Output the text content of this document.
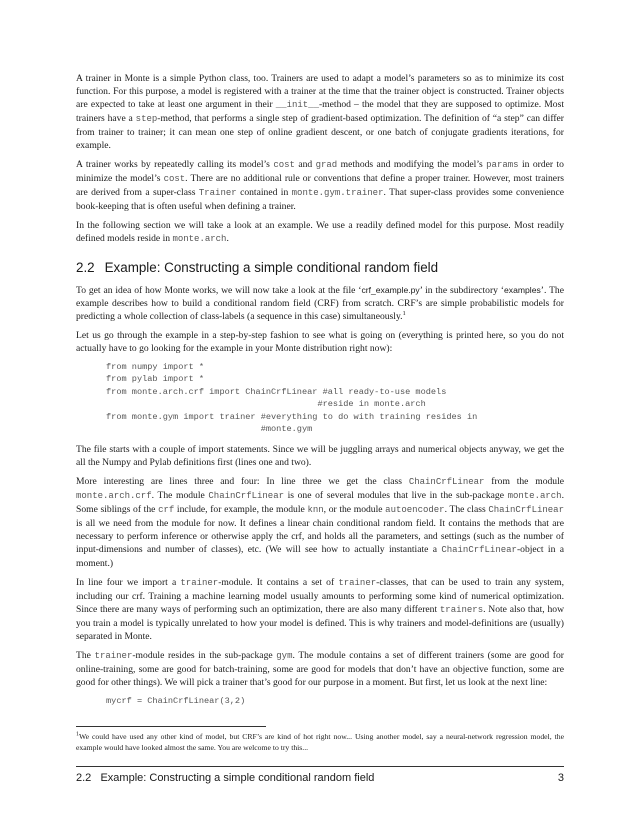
A trainer in Monte is a simple Python class, too. Trainers are used to adapt a model’s parameters so as to minimize its cost function. For this purpose, a model is registered with a trainer at the time that the trainer object is constructed. Trainer objects are expected to take at least one argument in their __init__-method – the model that they are supposed to optimize. Most trainers have a step-method, that performs a single step of gradient-based optimization. The definition of “a step” can differ from trainer to trainer; it can mean one step of online gradient descent, or one batch of conjugate gradients iterations, for example.

A trainer works by repeatedly calling its model’s cost and grad methods and modifying the model’s params in order to minimize the model’s cost. There are no additional rule or conventions that define a proper trainer. However, most trainers are derived from a super-class Trainer contained in monte.gym.trainer. That super-class provides some convenience book-keeping that is often useful when defining a trainer.

In the following section we will take a look at an example. We use a readily defined model for this purpose. Most readily defined models reside in monte.arch.

2.2 Example: Constructing a simple conditional random field

To get an idea of how Monte works, we will now take a look at the file ‘crf_example.py’ in the subdirectory ‘examples’. The example describes how to build a conditional random field (CRF) from scratch. CRF’s are simple probabilistic models for predicting a whole collection of class-labels (a sequence in this case) simultaneously.$^1$

Let us go through the example in a step-by-step fashion to see what is going on (everything is printed here, so you do not actually have to go looking for the example in your Monte distribution right now):

from numpy import *
from pylab import *
from monte.arch.crf import ChainCrfLinear #all ready-to-use models
#reside in monte.arch
from monte.gym import trainer #everything to do with training resides in
#monte.gym

The file starts with a couple of import statements. Since we will be juggling arrays and numerical objects anyway, we get the all the Numpy and Pylab definitions first (lines one and two).

More interesting are lines three and four: In line three we get the class ChainCrfLinear from the module monte.arch.crf. The module ChainCrfLinear is one of several modules that live in the sub-package monte.arch. Some siblings of the crf include, for example, the module knn, or the module autoencoder. The class ChainCrfLinear is all we need from the module for now. It defines a linear chain conditional random field. It contains the methods that are necessary to perform inference or otherwise apply the crf, and holds all the parameters, and settings (such as the number of input-dimensions and number of classes), etc. (We will see how to actually instantiate a ChainCrfLinear-object in a moment.)

In line four we import a trainer-module. It contains a set of trainer-classes, that can be used to train any system, including our crf. Training a machine learning model usually amounts to performing some kind of numerical optimization. Since there are many ways of performing such an optimization, there are also many different trainers. Note also that, how you train a model is typically unrelated to how your model is defined. This is why trainers and model-definitions are (usually) separated in Monte.

The trainer-module resides in the sub-package gym. The module contains a set of different trainers (some are good for online-training, some are good for batch-training, some are good for models that don’t have an objective function, some are good for other things). We will pick a trainer that’s good for our purpose in a moment. But first, let us look at the next line:

mycrf = ChainCrfLinear(3,2)
$^1$We could have used any other kind of model, but CRF’s are kind of hot right now... Using another model, say a neural-network regression model, the example would have looked almost the same. You are welcome to try this...
2.2   Example: Constructing a simple conditional random field	3
